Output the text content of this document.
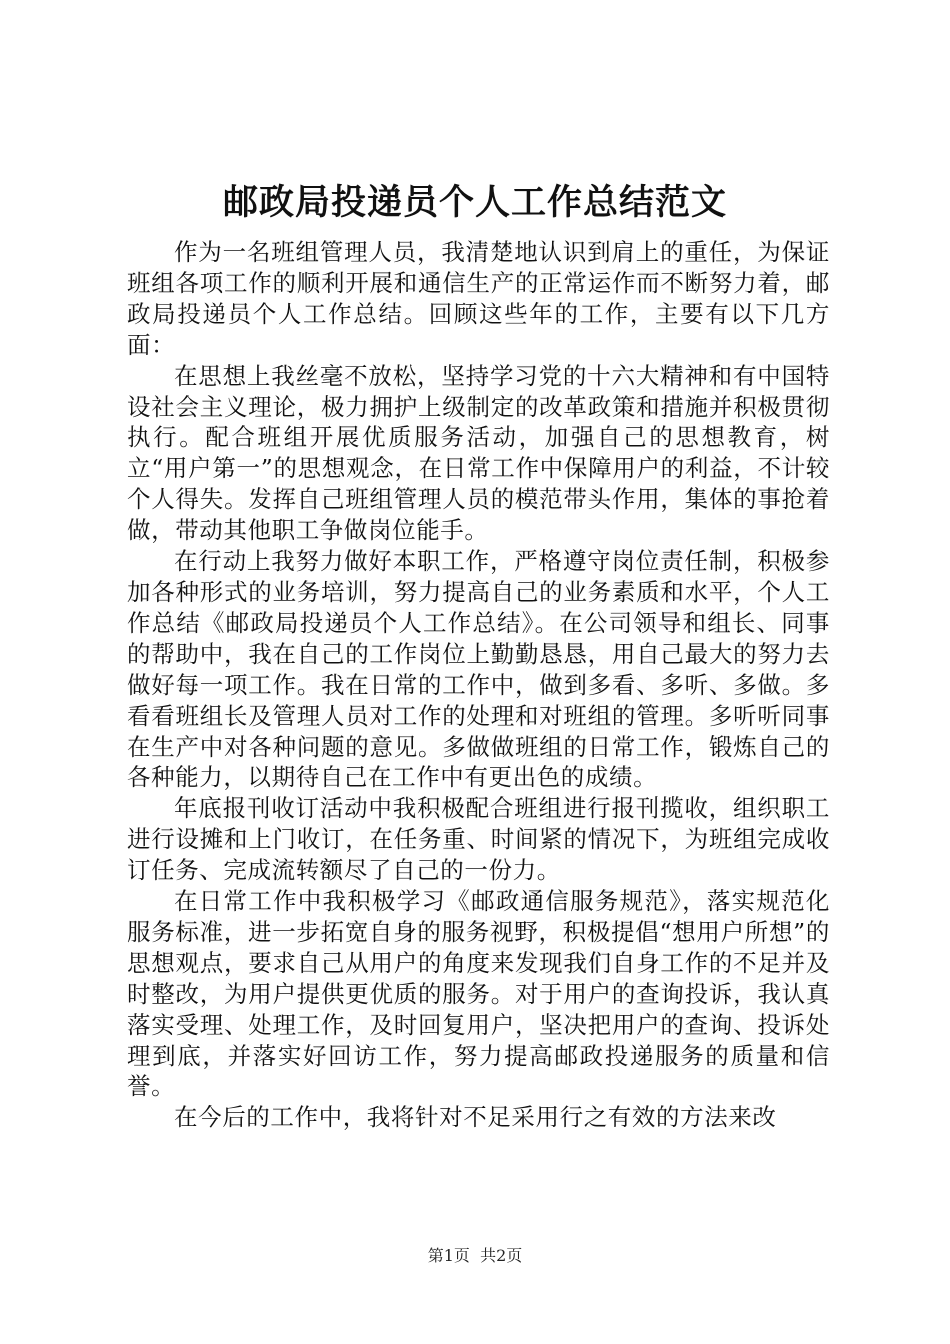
邮政局投递员个人工作总结范文

作为一名班组管理人员，我清楚地认识到肩上的重任，为保证班组各项工作的顺利开展和通信生产的正常运作而不断努力着，邮政局投递员个人工作总结。回顾这些年的工作，主要有以下几方面：

在思想上我丝毫不放松，坚持学习党的十六大精神和有中国特设社会主义理论，极力拥护上级制定的改革政策和措施并积极贯彻执行。配合班组开展优质服务活动，加强自己的思想教育，树立“用户第一”的思想观念，在日常工作中保障用户的利益，不计较个人得失。发挥自己班组管理人员的模范带头作用，集体的事抢着做，带动其他职工争做岗位能手。

在行动上我努力做好本职工作，严格遵守岗位责任制，积极参加各种形式的业务培训，努力提高自己的业务素质和水平，个人工作总结《邮政局投递员个人工作总结》。在公司领导和组长、同事的帮助中，我在自己的工作岗位上勤勤恳恳，用自己最大的努力去做好每一项工作。我在日常的工作中，做到多看、多听、多做。多看看班组长及管理人员对工作的处理和对班组的管理。多听听同事在生产中对各种问题的意见。多做做班组的日常工作，锻炼自己的各种能力，以期待自己在工作中有更出色的成绩。

年底报刊收订活动中我积极配合班组进行报刊揽收，组织职工进行设摊和上门收订，在任务重、时间紧的情况下，为班组完成收订任务、完成流转额尽了自己的一份力。

在日常工作中我积极学习《邮政通信服务规范》，落实规范化服务标准，进一步拓宽自身的服务视野，积极提倡“想用户所想”的思想观点，要求自己从用户的角度来发现我们自身工作的不足并及时整改，为用户提供更优质的服务。对于用户的查询投诉，我认真落实受理、处理工作，及时回复用户，坚决把用户的查询、投诉处理到底，并落实好回访工作，努力提高邮政投递服务的质量和信誉。

在今后的工作中，我将针对不足采用行之有效的方法来改

第1页  共2页
